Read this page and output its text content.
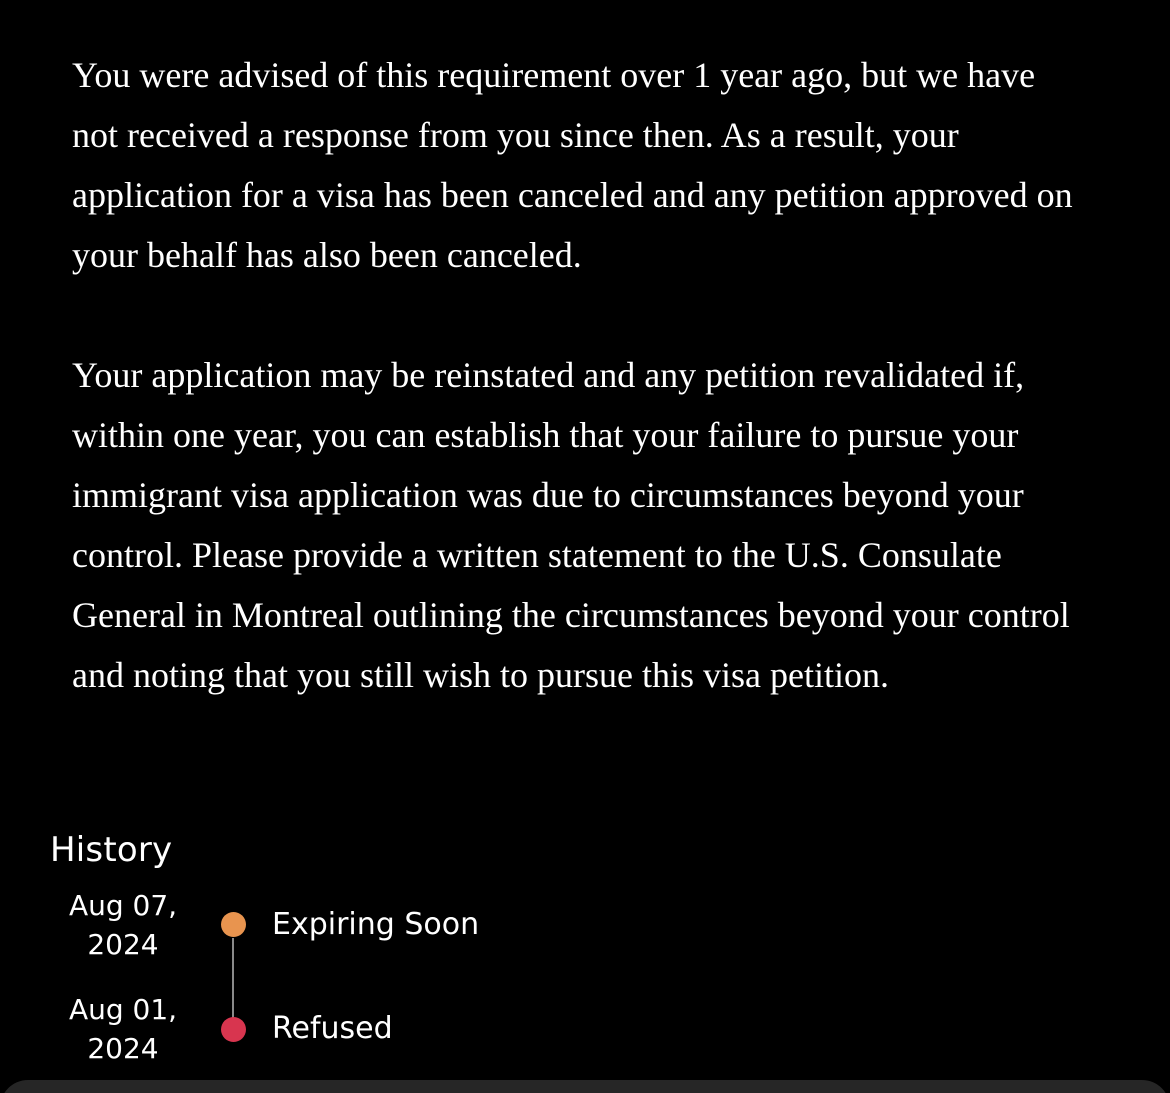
You were advised of this requirement over 1 year ago, but we have not received a response from you since then. As a result, your application for a visa has been canceled and any petition approved on your behalf has also been canceled.

Your application may be reinstated and any petition revalidated if, within one year, you can establish that your failure to pursue your immigrant visa application was due to circumstances beyond your control. Please provide a written statement to the U.S. Consulate General in Montreal outlining the circumstances beyond your control and noting that you still wish to pursue this visa petition.

History
Aug 07,
2024
Expiring Soon
Aug 01,
2024
Refused
